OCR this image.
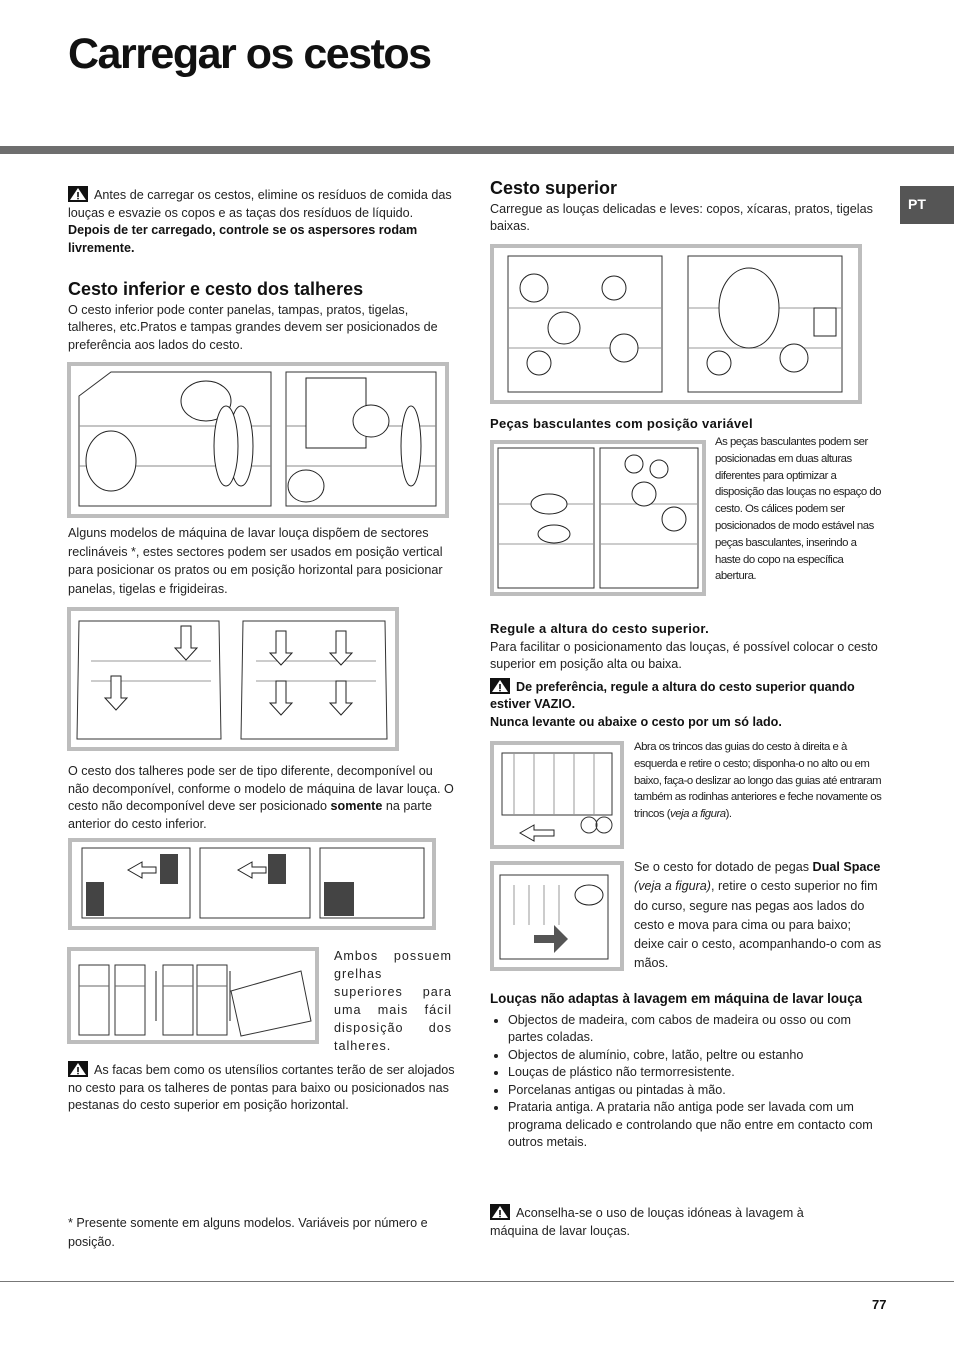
Carregar os cestos
PT

Antes de carregar os cestos, elimine os resíduos de comida das louças e esvazie os copos e as taças dos resíduos de líquido.

Depois de ter carregado, controle se os aspersores rodam livremente.

Cesto inferior e cesto dos talheres

O cesto inferior pode conter panelas, tampas, pratos, tigelas, talheres, etc.Pratos e tampas grandes devem ser posicionados de preferência aos lados do cesto.

Alguns modelos de máquina de lavar louça dispõem de sectores reclináveis *, estes sectores podem ser usados em posição vertical para posicionar os pratos ou em posição horizontal para posicionar panelas, tigelas e frigideiras.

O cesto dos talheres pode ser de tipo diferente, decomponível ou não decomponível, conforme o modelo de máquina de lavar louça. O cesto não decomponível deve ser posicionado somente na parte anterior do cesto inferior.

Ambos possuem grelhas superiores para uma mais fácil disposição dos talheres.

As facas bem como os utensílios cortantes terão de ser alojados no cesto para os talheres de pontas para baixo ou posicionados nas pestanas do cesto superior em posição horizontal.

* Presente somente em alguns modelos. Variáveis por número e posição.

Cesto superior

Carregue as louças delicadas e leves: copos, xícaras, pratos, tigelas baixas.

Peças basculantes com posição variável

As peças basculantes podem ser posicionadas em duas alturas diferentes para optimizar a disposição das louças no espaço do cesto. Os cálices podem ser posicionados de modo estável nas peças basculantes, inserindo a haste do copo na específica abertura.

Regule a altura do cesto superior.

Para facilitar o posicionamento das louças, é possível colocar o cesto superior em posição alta ou baixa.

De preferência, regule a altura do cesto superior quando estiver VAZIO.

Nunca levante ou abaixe o cesto por um só lado.

Abra os trincos das guias do cesto à direita e à esquerda e retire o cesto; disponha-o no alto ou em baixo, faça-o deslizar ao longo das guias até entraram também as rodinhas anteriores e feche novamente os trincos (veja a figura).

Se o cesto for dotado de pegas Dual Space (veja a figura), retire o cesto superior no fim do curso, segure nas pegas aos lados do cesto e mova para cima ou para baixo; deixe cair o cesto, acompanhando-o com as mãos.

Louças não adaptas à lavagem em máquina de lavar louça
• Objectos de madeira, com cabos de madeira ou osso ou com partes coladas.
• Objectos de alumínio, cobre, latão, peltre ou estanho
• Louças de plástico não termorresistente.
• Porcelanas antigas ou pintadas à mão.
• Prataria antiga. A prataria não antiga pode ser lavada com um programa delicado e controlando que não entre em contacto com outros metais.

Aconselha-se o uso de louças idóneas à lavagem à máquina de lavar louças.

77
